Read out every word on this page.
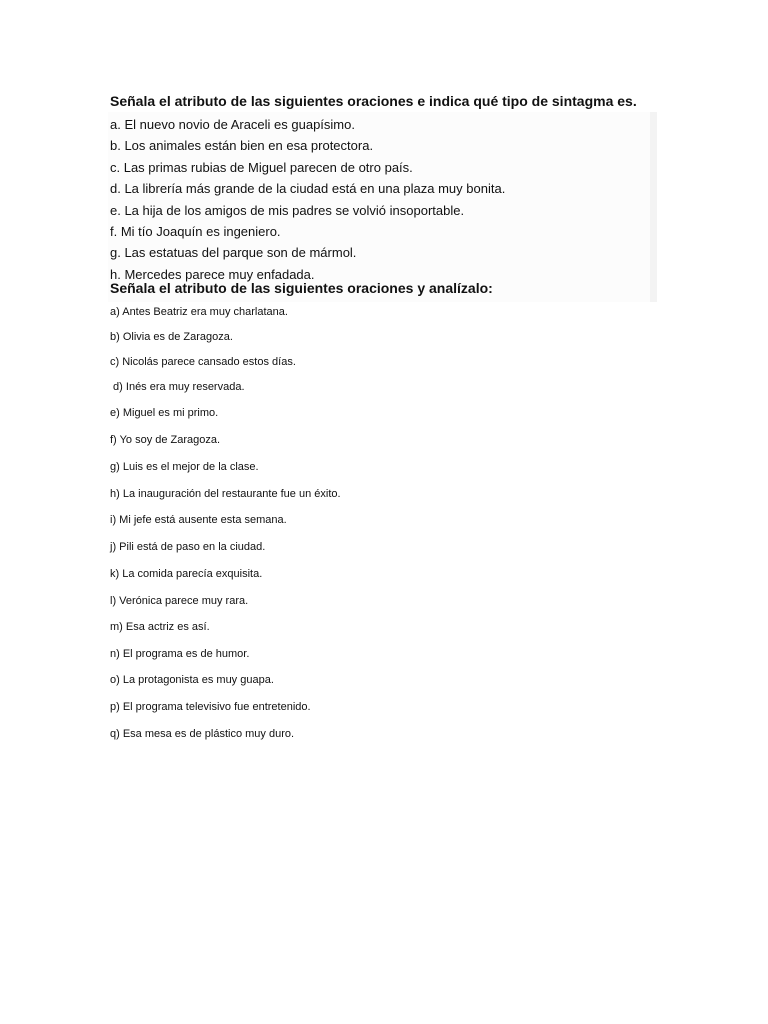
Señala el atributo de las siguientes oraciones e indica qué tipo de sintagma es.
a. El nuevo novio de Araceli es guapísimo.
b. Los animales están bien en esa protectora.
c. Las primas rubias de Miguel parecen de otro país.
d. La librería más grande de la ciudad está en una plaza muy bonita.
e. La hija de los amigos de mis padres se volvió insoportable.
f. Mi tío Joaquín es ingeniero.
g. Las estatuas del parque son de mármol.
h. Mercedes parece muy enfadada.
Señala el atributo de las siguientes oraciones y analízalo:
a) Antes Beatriz era muy charlatana.
b) Olivia es de Zaragoza.
c) Nicolás parece cansado estos días.
d) Inés era muy reservada.
e) Miguel es mi primo.
f) Yo soy de Zaragoza.
g) Luis es el mejor de la clase.
h) La inauguración del restaurante fue un éxito.
i) Mi jefe está ausente esta semana.
j) Pili está de paso en la ciudad.
k) La comida parecía exquisita.
l) Verónica parece muy rara.
m) Esa actriz es así.
n) El programa es de humor.
o) La protagonista es muy guapa.
p) El programa televisivo fue entretenido.
q) Esa mesa es de plástico muy duro.
